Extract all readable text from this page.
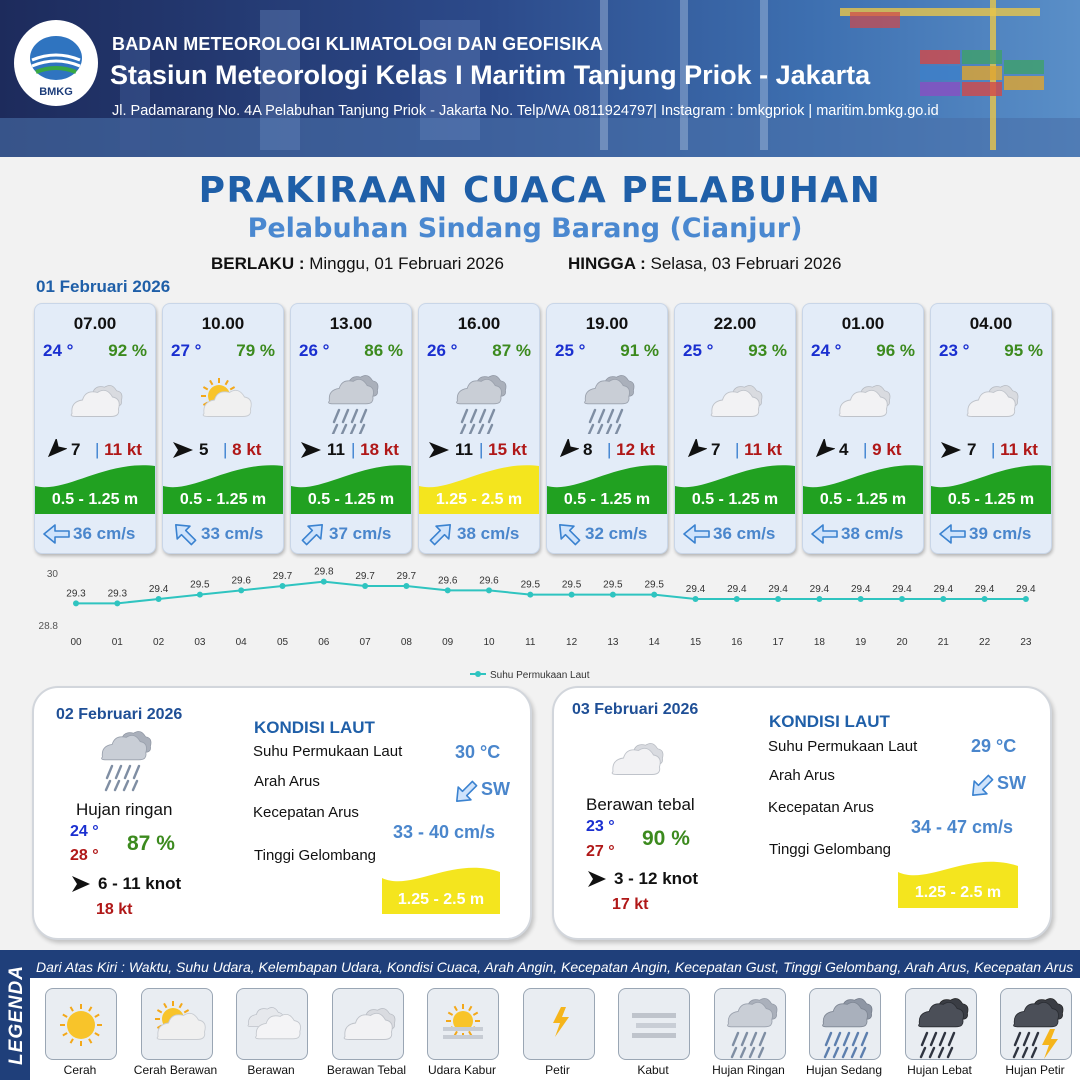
BMKG
BADAN METEOROLOGI KLIMATOLOGI DAN GEOFISIKA
Stasiun Meteorologi Kelas I Maritim Tanjung Priok - Jakarta
Jl. Padamarang No. 4A Pelabuhan Tanjung Priok - Jakarta No. Telp/WA 0811924797| Instagram : bmkgpriok | maritim.bmkg.go.id
PRAKIRAAN CUACA PELABUHAN
Pelabuhan Sindang Barang (Cianjur)
BERLAKU : Minggu, 01 Februari 2026	HINGGA : Selasa, 03 Februari 2026
01 Februari 2026
07.00
24 ° 92 %
7 | 11 kt
0.5 - 1.25 m
36 cm/s
10.00
27 ° 79 %
5 | 8 kt
0.5 - 1.25 m
33 cm/s
13.00
26 ° 86 %
11 | 18 kt
0.5 - 1.25 m
37 cm/s
16.00
26 ° 87 %
11 | 15 kt
1.25 - 2.5 m
38 cm/s
19.00
25 ° 91 %
8 | 12 kt
0.5 - 1.25 m
32 cm/s
22.00
25 ° 93 %
7 | 11 kt
0.5 - 1.25 m
36 cm/s
01.00
24 ° 96 %
4 | 9 kt
0.5 - 1.25 m
38 cm/s
04.00
23 ° 95 %
7 | 11 kt
0.5 - 1.25 m
39 cm/s
30
28.8
29.3
00
29.3
01
29.4
02
29.5
03
29.6
04
29.7
05
29.8
06
29.7
07
29.7
08
29.6
09
29.6
10
29.5
11
29.5
12
29.5
13
29.5
14
29.4
15
29.4
16
29.4
17
29.4
18
29.4
19
29.4
20
29.4
21
29.4
22
29.4
23
Suhu Permukaan Laut
02 Februari 2026
Hujan ringan
24 °
28 °
87 %
6 - 11 knot
18 kt
KONDISI LAUT
Suhu Permukaan Laut	30 °C
Arah Arus	SW
Kecepatan Arus
33 - 40 cm/s
Tinggi Gelombang
1.25 - 2.5 m
03 Februari 2026
Berawan tebal
23 °
27 °
90 %
3 - 12 knot
17 kt
KONDISI LAUT
Suhu Permukaan Laut	29 °C
Arah Arus	SW
Kecepatan Arus
34 - 47 cm/s
Tinggi Gelombang
1.25 - 2.5 m
LEGENDA Dari Atas Kiri : Waktu, Suhu Udara, Kelembapan Udara, Kondisi Cuaca, Arah Angin, Kecepatan Angin, Kecepatan Gust, Tinggi Gelombang, Arah Arus, Kecepatan Arus
Cerah	Cerah Berawan	Berawan	Berawan Tebal	Udara Kabur	Petir	Kabut	Hujan Ringan	Hujan Sedang	Hujan Lebat	Hujan Petir
